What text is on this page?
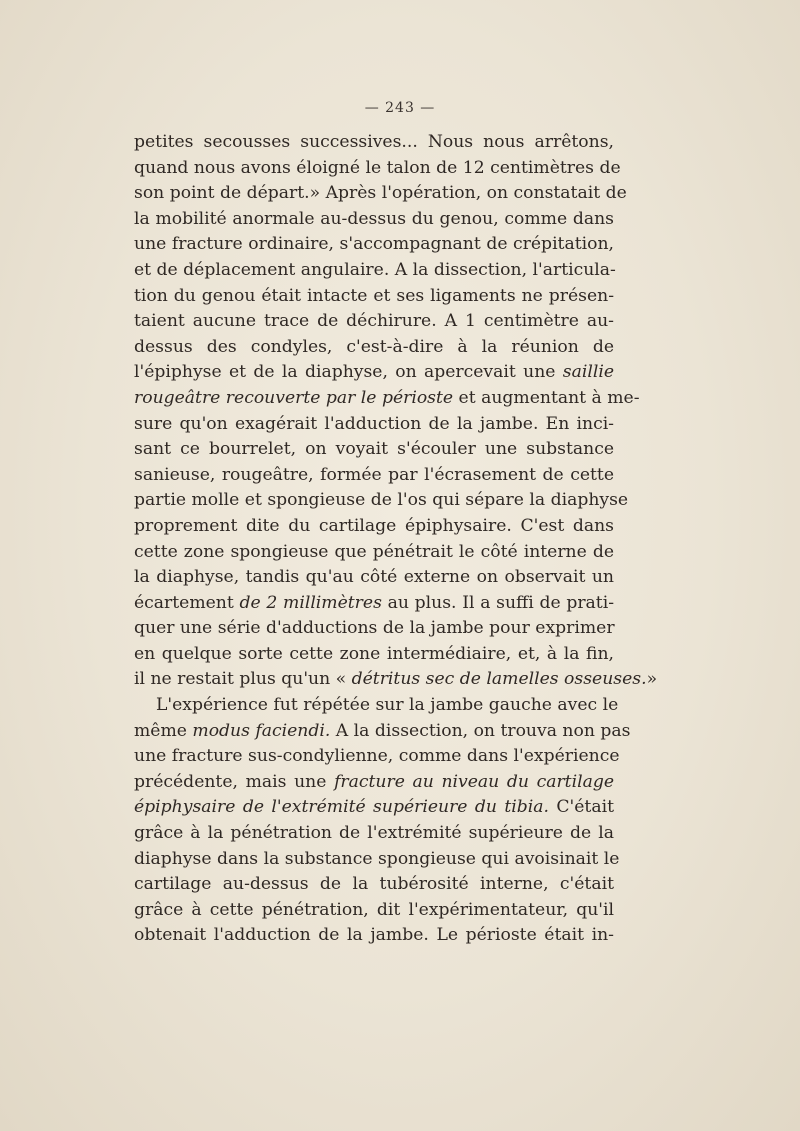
— 243 —
petites secousses successives... Nous nous arrêtons,
quand nous avons éloigné le talon de 12 centimètres de
son point de départ.» Après l'opération, on constatait de
la mobilité anormale au-dessus du genou, comme dans
une fracture ordinaire, s'accompagnant de crépitation,
et de déplacement angulaire. A la dissection, l'articula-
tion du genou était intacte et ses ligaments ne présen-
taient aucune trace de déchirure. A 1 centimètre au-
dessus des condyles, c'est-à-dire à la réunion de
l'épiphyse et de la diaphyse, on apercevait une saillie
rougeâtre recouverte par le périoste et augmentant à me-
sure qu'on exagérait l'adduction de la jambe. En inci-
sant ce bourrelet, on voyait s'écouler une substance
sanieuse, rougeâtre, formée par l'écrasement de cette
partie molle et spongieuse de l'os qui sépare la diaphyse
proprement dite du cartilage épiphysaire. C'est dans
cette zone spongieuse que pénétrait le côté interne de
la diaphyse, tandis qu'au côté externe on observait un
écartement de 2 millimètres au plus. Il a suffi de prati-
quer une série d'adductions de la jambe pour exprimer
en quelque sorte cette zone intermédiaire, et, à la fin,
il ne restait plus qu'un « détritus sec de lamelles osseuses.»
L'expérience fut répétée sur la jambe gauche avec le
même modus faciendi. A la dissection, on trouva non pas
une fracture sus-condylienne, comme dans l'expérience
précédente, mais une fracture au niveau du cartilage
épiphysaire de l'extrémité supérieure du tibia. C'était
grâce à la pénétration de l'extrémité supérieure de la
diaphyse dans la substance spongieuse qui avoisinait le
cartilage au-dessus de la tubérosité interne, c'était
grâce à cette pénétration, dit l'expérimentateur, qu'il
obtenait l'adduction de la jambe. Le périoste était in-
